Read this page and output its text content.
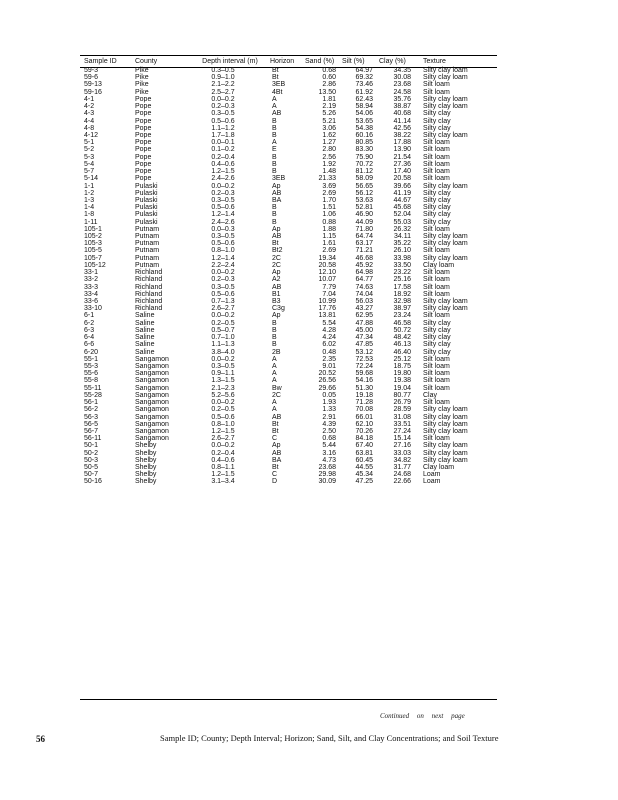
Sample ID	County	Depth interval (m)	Horizon	Sand (%)	Silt (%)	Clay (%)	Texture
59-3	Pike	0.3–0.5	Bt	0.68	64.97	34.35	Silty clay loam
59-6	Pike	0.9–1.0	Bt	0.60	69.32	30.08	Silty clay loam
59-13	Pike	2.1–2.2	3EB	2.86	73.46	23.68	Silt loam
59-16	Pike	2.5–2.7	4Bt	13.50	61.92	24.58	Silt loam
4-1	Pope	0.0–0.2	A	1.81	62.43	35.76	Silty clay loam
4-2	Pope	0.2–0.3	A	2.19	58.94	38.87	Silty clay loam
4-3	Pope	0.3–0.5	AB	5.26	54.06	40.68	Silty clay
4-4	Pope	0.5–0.6	B	5.21	53.65	41.14	Silty clay
4-8	Pope	1.1–1.2	B	3.06	54.38	42.56	Silty clay
4-12	Pope	1.7–1.8	B	1.62	60.16	38.22	Silty clay loam
5-1	Pope	0.0–0.1	A	1.27	80.85	17.88	Silt loam
5-2	Pope	0.1–0.2	E	2.80	83.30	13.90	Silt loam
5-3	Pope	0.2–0.4	B	2.56	75.90	21.54	Silt loam
5-4	Pope	0.4–0.6	B	1.92	70.72	27.36	Silt loam
5-7	Pope	1.2–1.5	B	1.48	81.12	17.40	Silt loam
5-14	Pope	2.4–2.6	3EB	21.33	58.09	20.58	Silt loam
1-1	Pulaski	0.0–0.2	Ap	3.69	56.65	39.66	Silty clay loam
1-2	Pulaski	0.2–0.3	AB	2.69	56.12	41.19	Silty clay
1-3	Pulaski	0.3–0.5	BA	1.70	53.63	44.67	Silty clay
1-4	Pulaski	0.5–0.6	B	1.51	52.81	45.68	Silty clay
1-8	Pulaski	1.2–1.4	B	1.06	46.90	52.04	Silty clay
1-11	Pulaski	2.4–2.6	B	0.88	44.09	55.03	Silty clay
105-1	Putnam	0.0–0.3	Ap	1.88	71.80	26.32	Silt loam
105-2	Putnam	0.3–0.5	AB	1.15	64.74	34.11	Silty clay loam
105-3	Putnam	0.5–0.6	Bt	1.61	63.17	35.22	Silty clay loam
105-5	Putnam	0.8–1.0	Bt2	2.69	71.21	26.10	Silt loam
105-7	Putnam	1.2–1.4	2C	19.34	46.68	33.98	Silty clay loam
105-12	Putnam	2.2–2.4	2C	20.58	45.92	33.50	Clay loam
33-1	Richland	0.0–0.2	Ap	12.10	64.98	23.22	Silt loam
33-2	Richland	0.2–0.3	A2	10.07	64.77	25.16	Silt loam
33-3	Richland	0.3–0.5	AB	7.79	74.63	17.58	Silt loam
33-4	Richland	0.5–0.6	B1	7.04	74.04	18.92	Silt loam
33-6	Richland	0.7–1.3	B3	10.99	56.03	32.98	Silty clay loam
33-10	Richland	2.6–2.7	C3g	17.76	43.27	38.97	Silty clay loam
6-1	Saline	0.0–0.2	Ap	13.81	62.95	23.24	Silt loam
6-2	Saline	0.2–0.5	B	5.54	47.88	46.58	Silty clay
6-3	Saline	0.5–0.7	B	4.28	45.00	50.72	Silty clay
6-4	Saline	0.7–1.0	B	4.24	47.34	48.42	Silty clay
6-6	Saline	1.1–1.3	B	6.02	47.85	46.13	Silty clay
6-20	Saline	3.8–4.0	2B	0.48	53.12	46.40	Silty clay
55-1	Sangamon	0.0–0.2	A	2.35	72.53	25.12	Silt loam
55-3	Sangamon	0.3–0.5	A	9.01	72.24	18.75	Silt loam
55-6	Sangamon	0.9–1.1	A	20.52	59.68	19.80	Silt loam
55-8	Sangamon	1.3–1.5	A	26.56	54.16	19.38	Silt loam
55-11	Sangamon	2.1–2.3	Bw	29.66	51.30	19.04	Silt loam
55-28	Sangamon	5.2–5.6	2C	0.05	19.18	80.77	Clay
56-1	Sangamon	0.0–0.2	A	1.93	71.28	26.79	Silt loam
56-2	Sangamon	0.2–0.5	A	1.33	70.08	28.59	Silty clay loam
56-3	Sangamon	0.5–0.6	AB	2.91	66.01	31.08	Silty clay loam
56-5	Sangamon	0.8–1.0	Bt	4.39	62.10	33.51	Silty clay loam
56-7	Sangamon	1.2–1.5	Bt	2.50	70.26	27.24	Silty clay loam
56-11	Sangamon	2.6–2.7	C	0.68	84.18	15.14	Silt loam
50-1	Shelby	0.0–0.2	Ap	5.44	67.40	27.16	Silty clay loam
50-2	Shelby	0.2–0.4	AB	3.16	63.81	33.03	Silty clay loam
50-3	Shelby	0.4–0.6	BA	4.73	60.45	34.82	Silty clay loam
50-5	Shelby	0.8–1.1	Bt	23.68	44.55	31.77	Clay loam
50-7	Shelby	1.2–1.5	C	29.98	45.34	24.68	Loam
50-16	Shelby	3.1–3.4	D	30.09	47.25	22.66	Loam
Continued on next page
56	Sample ID; County; Depth Interval; Horizon; Sand, Silt, and Clay Concentrations; and Soil Texture
